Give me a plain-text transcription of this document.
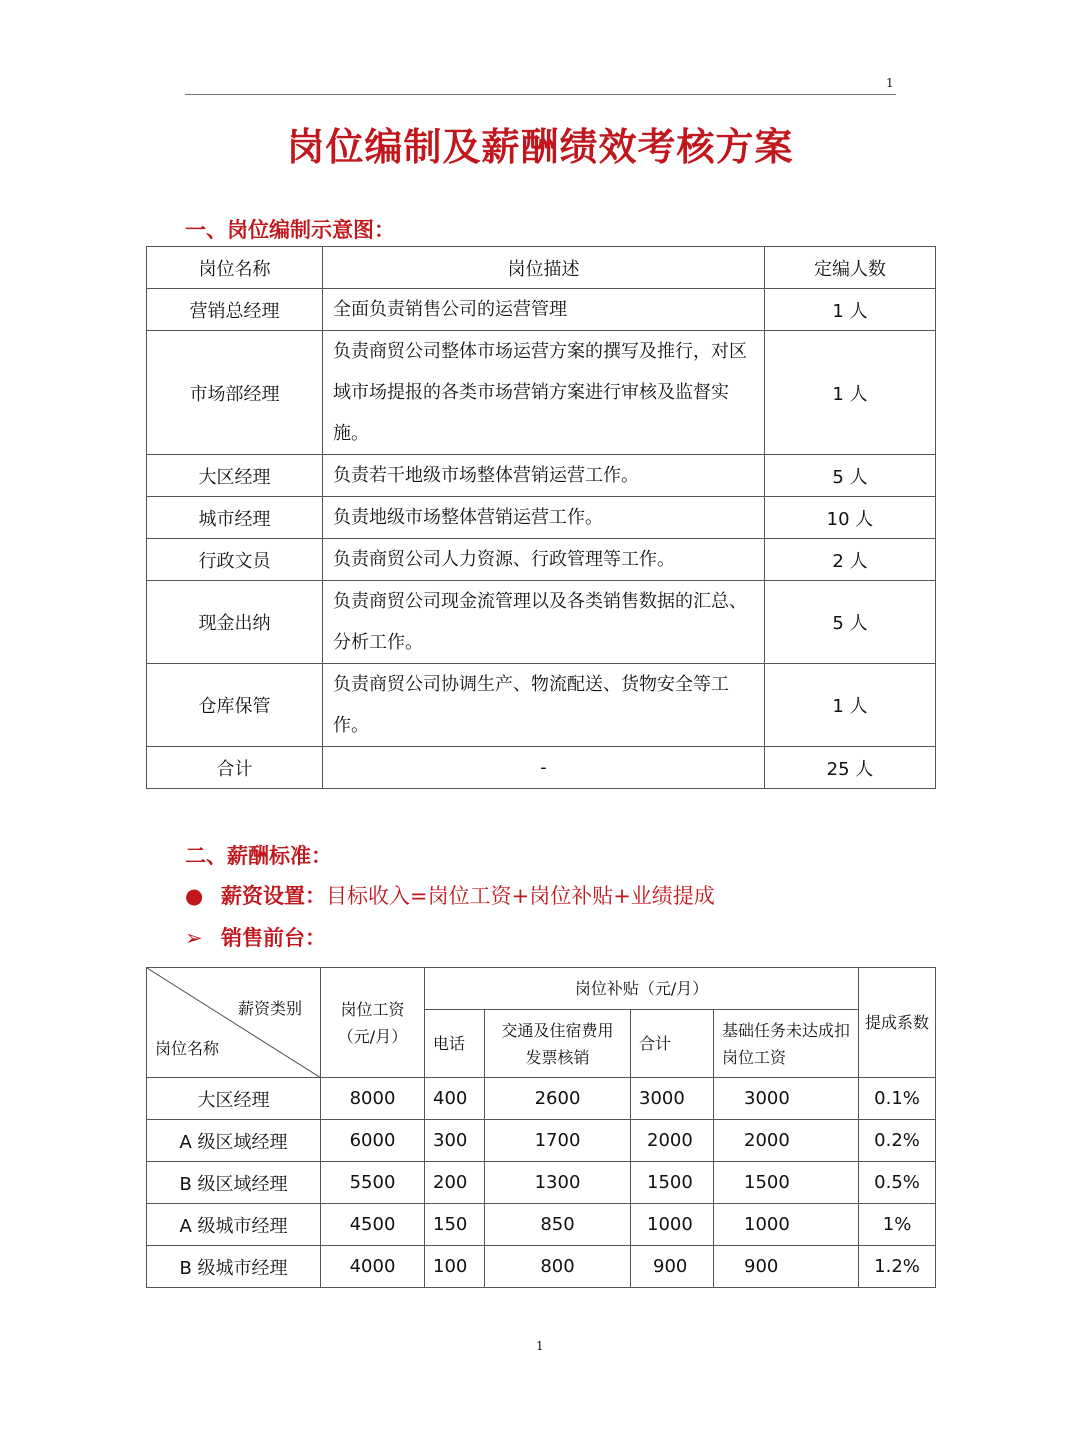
1
岗位编制及薪酬绩效考核方案
一、岗位编制示意图：
岗位名称	岗位描述	定编人数
营销总经理	全面负责销售公司的运营管理	1 人
市场部经理	负责商贸公司整体市场运营方案的撰写及推行，对区域市场提报的各类市场营销方案进行审核及监督实施。	1 人
大区经理	负责若干地级市场整体营销运营工作。	5 人
城市经理	负责地级市场整体营销运营工作。	10 人
行政文员	负责商贸公司人力资源、行政管理等工作。	2 人
现金出纳	负责商贸公司现金流管理以及各类销售数据的汇总、分析工作。	5 人
仓库保管	负责商贸公司协调生产、物流配送、货物安全等工作。	1 人
合计	-	25 人
二、薪酬标准：
● 薪资设置：目标收入=岗位工资+岗位补贴+业绩提成
➢ 销售前台：
薪资类别
岗位名称	岗位工资（元/月）	岗位补贴（元/月）				提成系数
		电话	交通及住宿费用发票核销	合计	基础任务未达成扣岗位工资	
大区经理	8000	400	2600	3000	3000	0.1%
A 级区域经理	6000	300	1700	2000	2000	0.2%
B 级区域经理	5500	200	1300	1500	1500	0.5%
A 级城市经理	4500	150	850	1000	1000	1%
B 级城市经理	4000	100	800	900	900	1.2%
1
